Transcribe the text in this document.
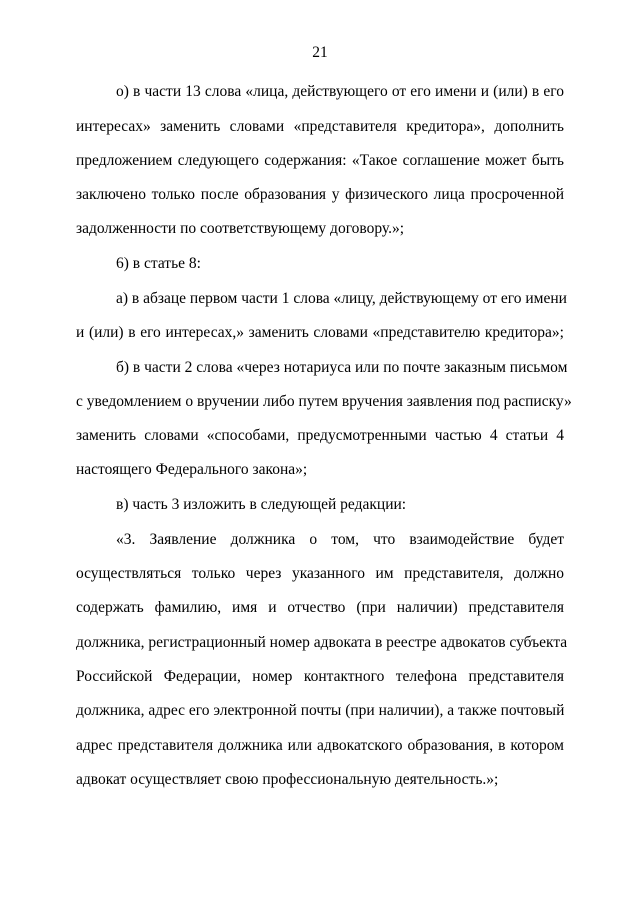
21
о) в части 13 слова «лица, действующего от его имени и (или) в его
интересах» заменить словами «представителя кредитора», дополнить
предложением следующего содержания: «Такое соглашение может быть
заключено только после образования у физического лица просроченной
задолженности по соответствующему договору.»;
6) в статье 8:
а) в абзаце первом части 1 слова «лицу, действующему от его имени
и (или) в его интересах,» заменить словами «представителю кредитора»;
б) в части 2 слова «через нотариуса или по почте заказным письмом
с уведомлением о вручении либо путем вручения заявления под расписку»
заменить словами «способами, предусмотренными частью 4 статьи 4
настоящего Федерального закона»;
в) часть 3 изложить в следующей редакции:
«3. Заявление должника о том, что взаимодействие будет
осуществляться только через указанного им представителя, должно
содержать фамилию, имя и отчество (при наличии) представителя
должника, регистрационный номер адвоката в реестре адвокатов субъекта
Российской Федерации, номер контактного телефона представителя
должника, адрес его электронной почты (при наличии), а также почтовый
адрес представителя должника или адвокатского образования, в котором
адвокат осуществляет свою профессиональную деятельность.»;
